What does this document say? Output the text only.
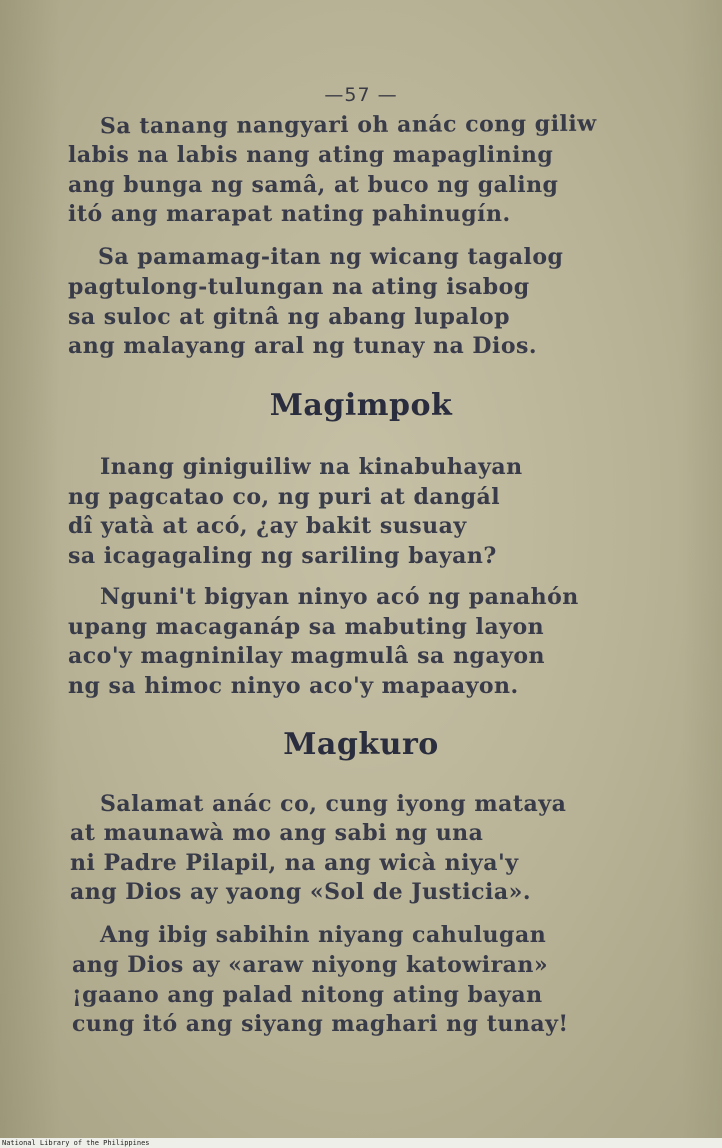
—57 —
Sa tanang nangyari oh anác cong giliw
labis na labis nang ating mapaglining
ang bunga ng samâ, at buco ng galing
itó ang marapat nating pahinugín.
Sa pamamag-itan ng wicang tagalog
pagtulong-tulungan na ating isabog
sa suloc at gitnâ ng abang lupalop
ang malayang aral ng tunay na Dios.
Magimpok
Inang giniguiliw na kinabuhayan
ng pagcatao co, ng puri at dangál
dî yatà at acó, ¿ay bakit susuay
sa icagagaling ng sariling bayan?
Nguni't bigyan ninyo acó ng panahón
upang macaganáp sa mabuting layon
aco'y magninilay magmulâ sa ngayon
ng sa himoc ninyo aco'y mapaayon.
Magkuro
Salamat anác co, cung iyong mataya
at maunawà mo ang sabi ng una
ni Padre Pilapil, na ang wicà niya'y
ang Dios ay yaong «Sol de Justicia».
Ang ibig sabihin niyang cahulugan
ang Dios ay «araw niyong katowiran»
¡gaano ang palad nitong ating bayan
cung itó ang siyang maghari ng tunay!
National Library of the Philippines
